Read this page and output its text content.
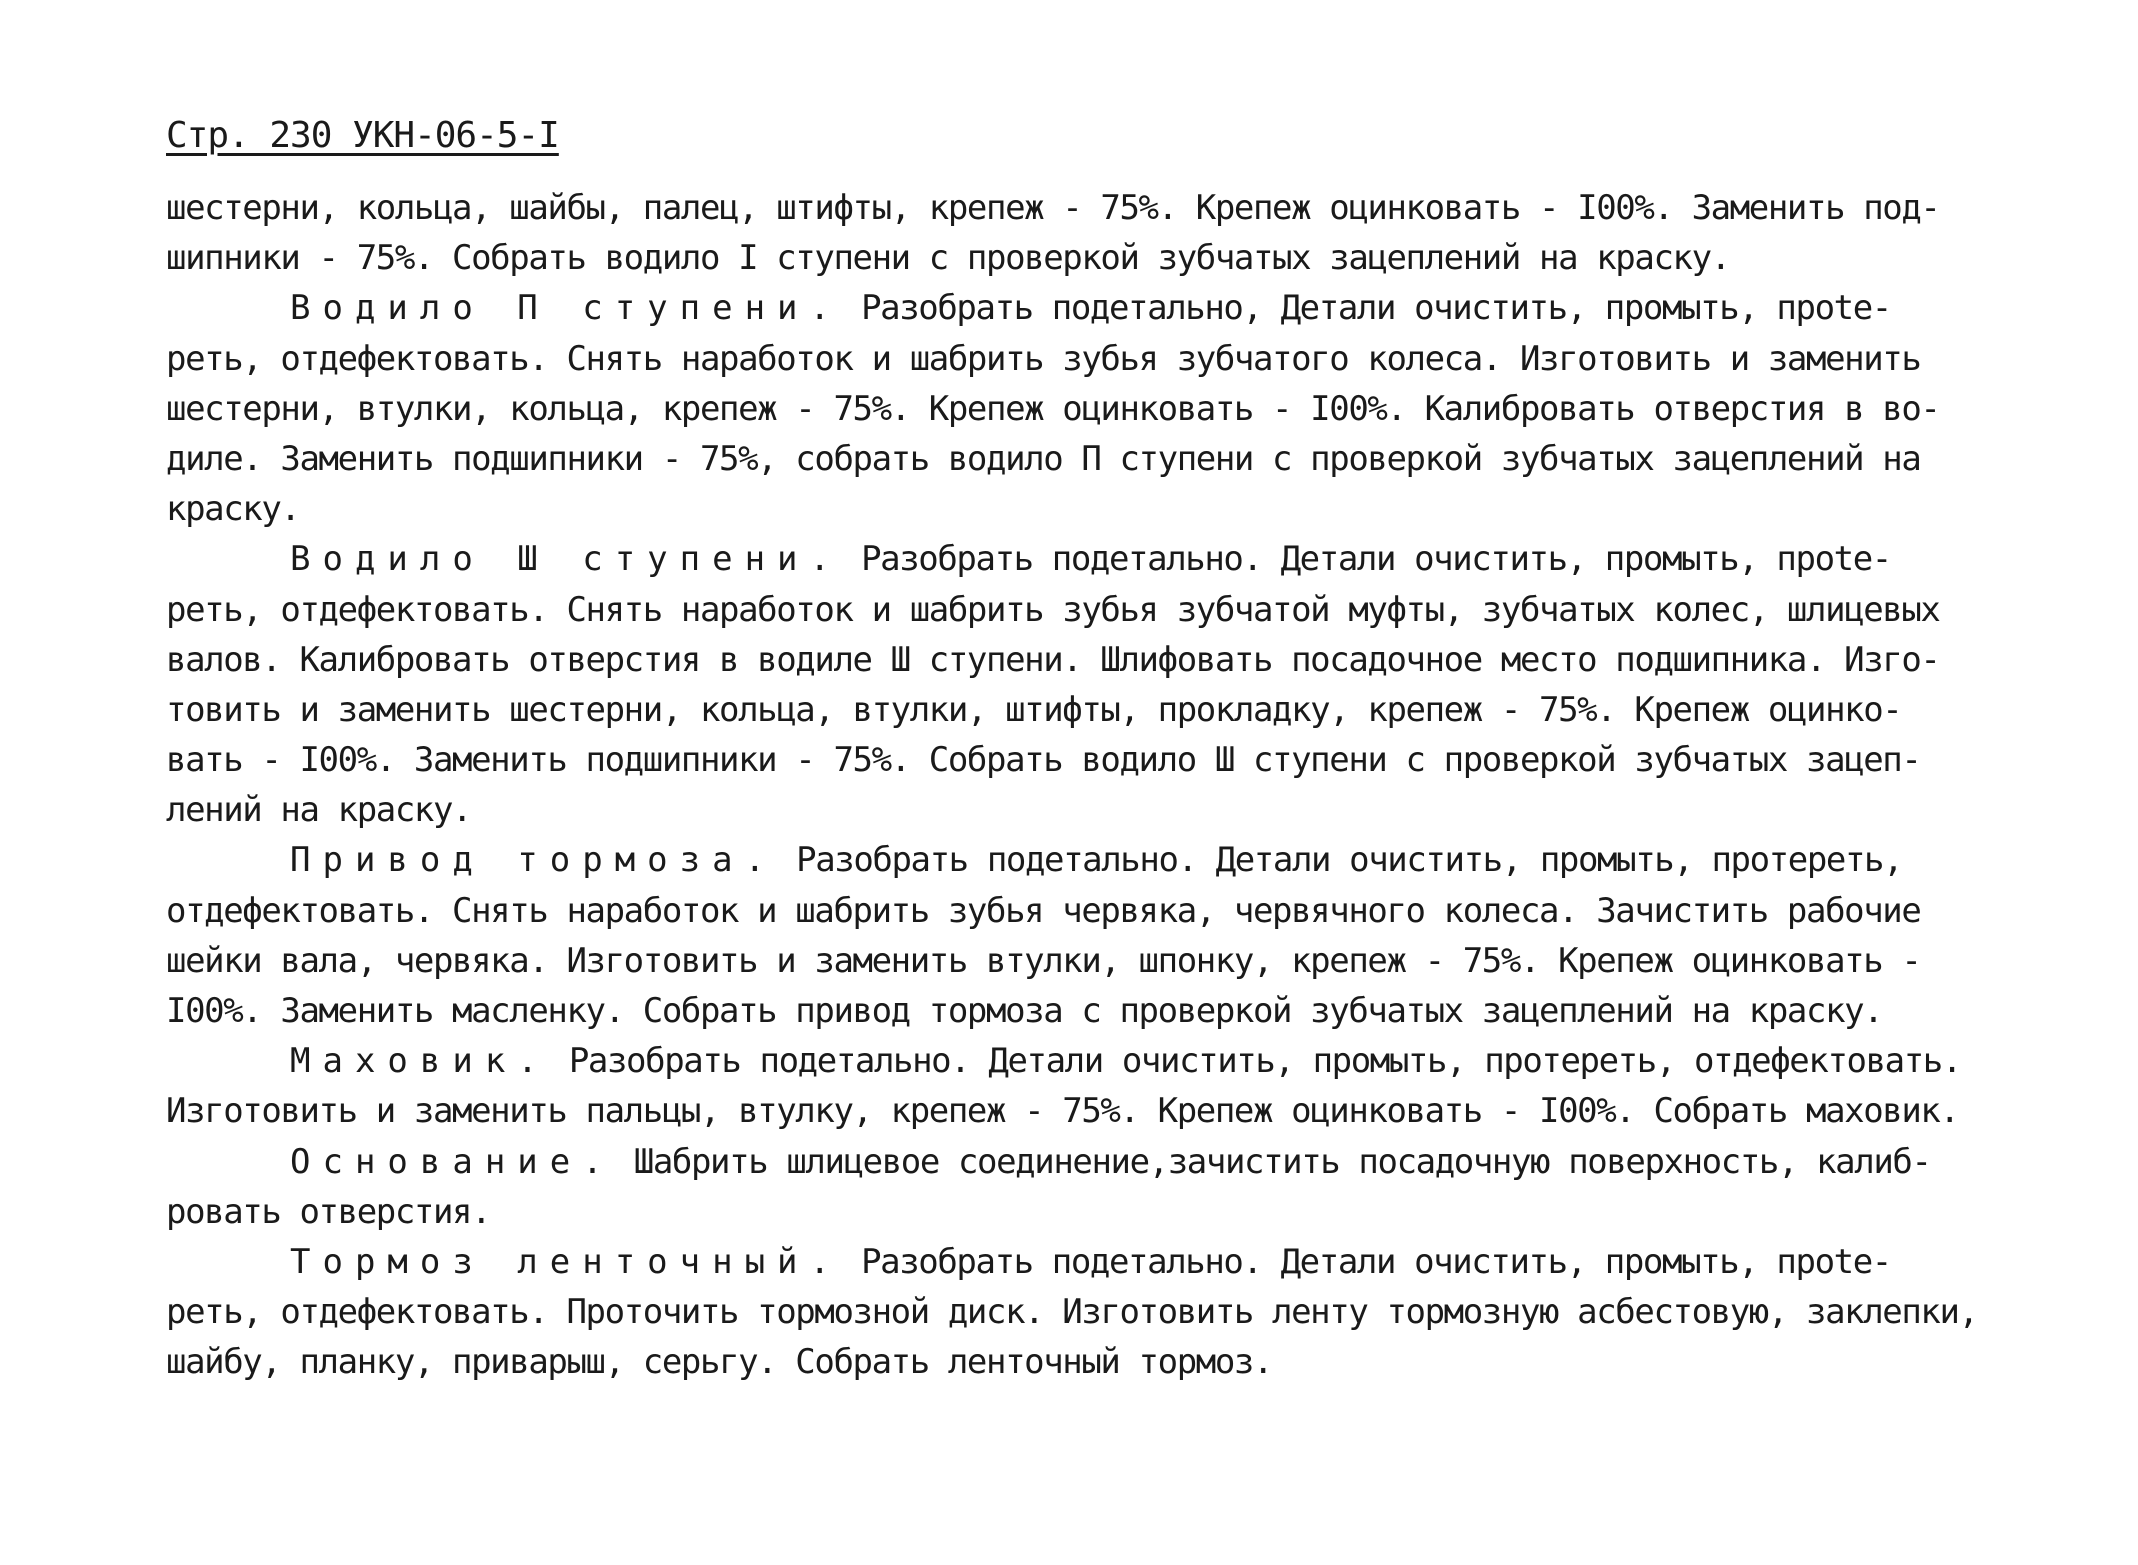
Стр. 230 УКН-06-5-I
шестерни, кольца, шайбы, палец, штифты, крепеж - 75%. Крепеж оцинковать - I00%. Заменить под-
шипники - 75%. Собрать водило I ступени с проверкой зубчатых зацеплений на краску.
Водило П ступени. Разобрать подетально, Детали очистить, промыть, прote-
реть, отдефектовать. Снять наработок и шабрить зубья зубчатого колеса. Изготовить и заменить
шестерни, втулки, кольца, крепеж - 75%. Крепеж оцинковать - I00%. Калибровать отверстия в во-
диле. Заменить подшипники - 75%, собрать водило П ступени с проверкой зубчатых зацеплений на
краску.
Водило Ш ступени. Разобрать подетально. Детали очистить, промыть, прote-
реть, отдефектовать. Снять наработок и шабрить зубья зубчатой муфты, зубчатых колес, шлицевых
валов. Калибровать отверстия в водиле Ш ступени. Шлифовать посадочное место подшипника. Изго-
товить и заменить шестерни, кольца, втулки, штифты, прокладку, крепеж - 75%. Крепеж оцинко-
вать - I00%. Заменить подшипники - 75%. Собрать водило Ш ступени с проверкой зубчатых зацеп-
лений на краску.
Привод тормоза. Разобрать подетально. Детали очистить, промыть, протереть,
отдефектовать. Снять наработок и шабрить зубья червяка, червячного колеса. Зачистить рабочие
шейки вала, червяка. Изготовить и заменить втулки, шпонку, крепеж - 75%. Крепеж оцинковать -
I00%. Заменить масленку. Собрать привод тормоза с проверкой зубчатых зацеплений на краску.
Маховик. Разобрать подетально. Детали очистить, промыть, протереть, отдефектовать.
Изготовить и заменить пальцы, втулку, крепеж - 75%. Крепеж оцинковать - I00%. Собрать маховик.
Основание. Шабрить шлицевое соединение,зачистить посадочную поверхность, калиб-
ровать отверстия.
Тормоз ленточный. Разобрать подетально. Детали очистить, промыть, прote-
реть, отдефектовать. Проточить тормозной диск. Изготовить ленту тормозную асбестовую, заклепки,
шайбу, планку, приварыш, серьгу. Собрать ленточный тормоз.
